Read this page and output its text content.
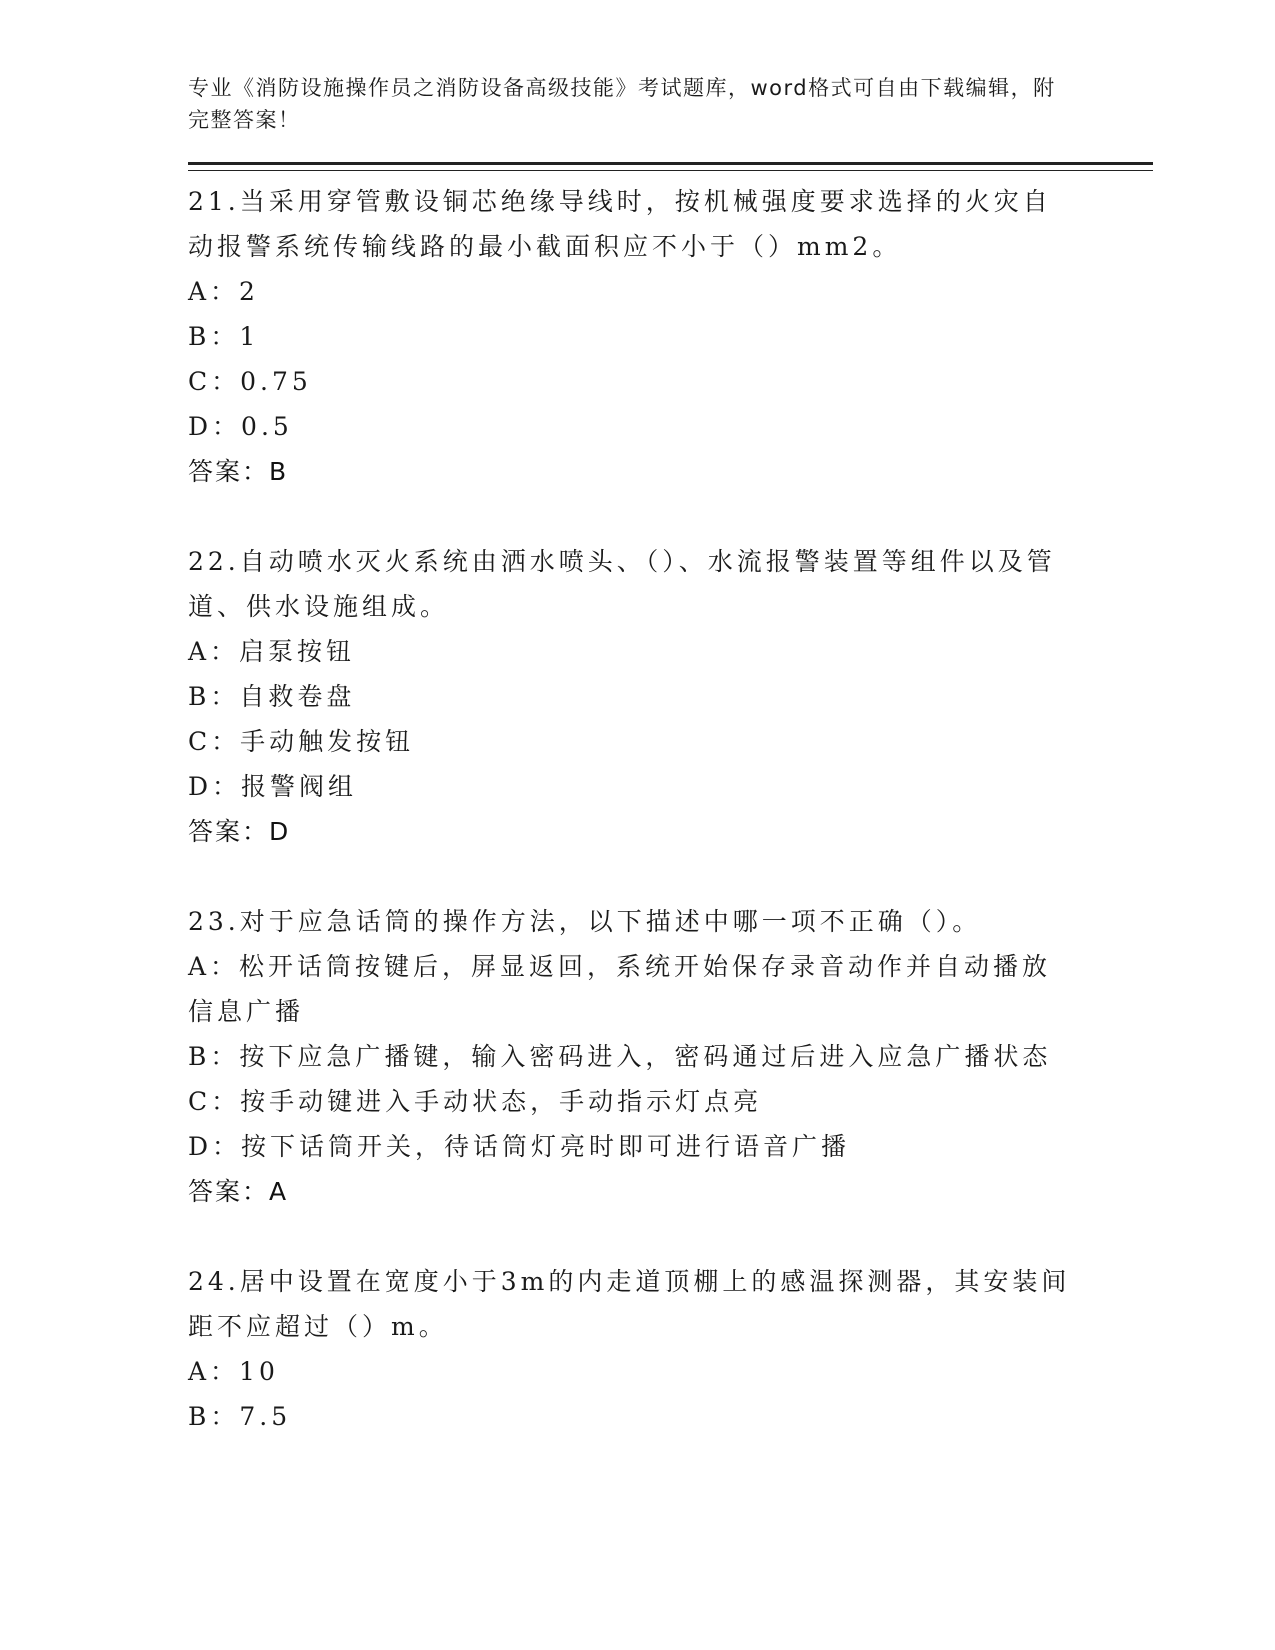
专业《消防设施操作员之消防设备高级技能》考试题库，word格式可自由下载编辑，附完整答案！
21.当采用穿管敷设铜芯绝缘导线时，按机械强度要求选择的火灾自动报警系统传输线路的最小截面积应不小于（）mm2。
A：2
B：1
C：0.75
D：0.5
答案：B
22.自动喷水灭火系统由洒水喷头、（）、水流报警装置等组件以及管道、供水设施组成。
A：启泵按钮
B：自救卷盘
C：手动触发按钮
D：报警阀组
答案：D
23.对于应急话筒的操作方法，以下描述中哪一项不正确（）。
A：松开话筒按键后，屏显返回，系统开始保存录音动作并自动播放信息广播
B：按下应急广播键，输入密码进入，密码通过后进入应急广播状态
C：按手动键进入手动状态，手动指示灯点亮
D：按下话筒开关，待话筒灯亮时即可进行语音广播
答案：A
24.居中设置在宽度小于3m的内走道顶棚上的感温探测器，其安装间距不应超过（）m。
A：10
B：7.5
